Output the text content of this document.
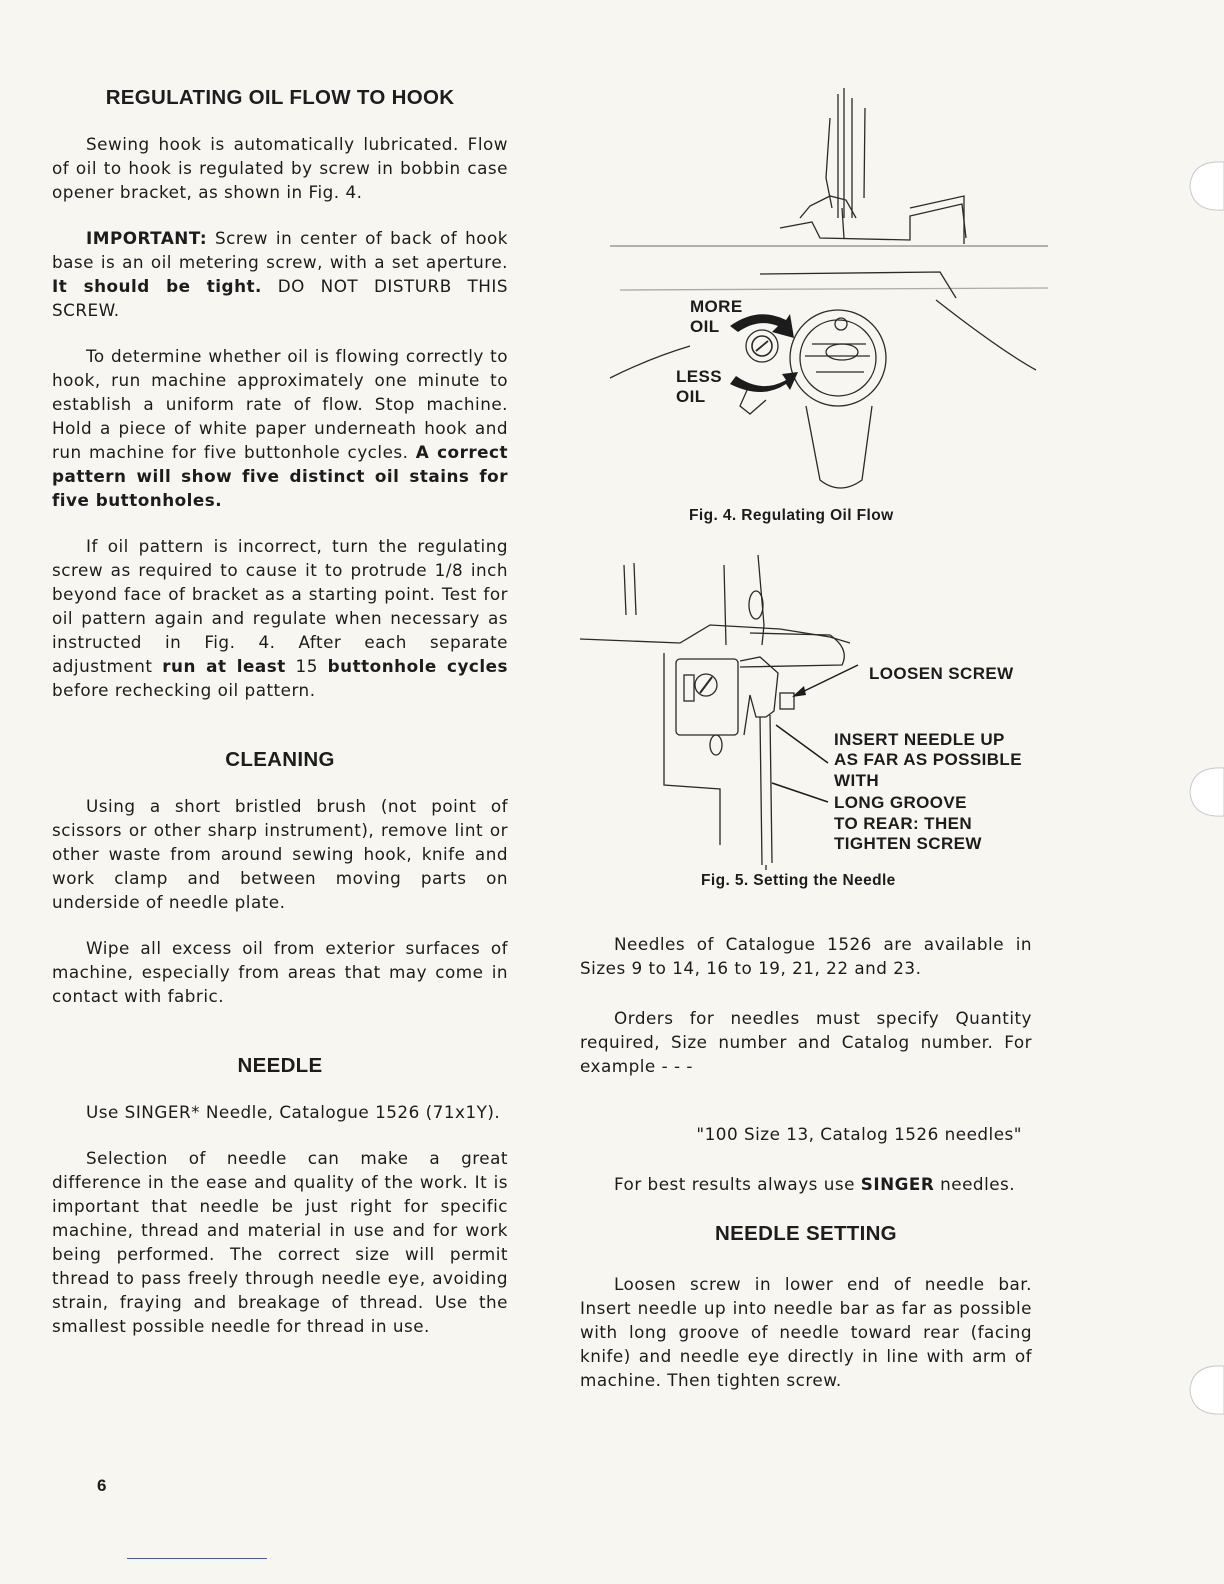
REGULATING OIL FLOW TO HOOK

Sewing hook is automatically lubricated. Flow of oil to hook is regulated by screw in bobbin case opener bracket, as shown in Fig. 4.

IMPORTANT: Screw in center of back of hook base is an oil metering screw, with a set aperture. It should be tight. DO NOT DISTURB THIS SCREW.

To determine whether oil is flowing correctly to hook, run machine approximately one minute to establish a uniform rate of flow. Stop machine. Hold a piece of white paper underneath hook and run machine for five buttonhole cycles. A correct pattern will show five distinct oil stains for five buttonholes.

If oil pattern is incorrect, turn the regulating screw as required to cause it to protrude 1/8 inch beyond face of bracket as a starting point. Test for oil pattern again and regulate when necessary as instructed in Fig. 4. After each separate adjustment run at least 15 buttonhole cycles before rechecking oil pattern.

CLEANING

Using a short bristled brush (not point of scissors or other sharp instrument), remove lint or other waste from around sewing hook, knife and work clamp and between moving parts on underside of needle plate.

Wipe all excess oil from exterior surfaces of machine, especially from areas that may come in contact with fabric.

NEEDLE

Use SINGER* Needle, Catalogue 1526 (71x1Y).

Selection of needle can make a great difference in the ease and quality of the work. It is important that needle be just right for specific machine, thread and material in use and for work being performed. The correct size will permit thread to pass freely through needle eye, avoiding strain, fraying and breakage of thread. Use the smallest possible needle for thread in use.

MORE
OIL
LESS
OIL
Fig. 4. Regulating Oil Flow
LOOSEN SCREW
INSERT NEEDLE UP
AS FAR AS POSSIBLE
WITH
LONG GROOVE
TO REAR: THEN
TIGHTEN SCREW
Fig. 5. Setting the Needle

Needles of Catalogue 1526 are available in Sizes 9 to 14, 16 to 19, 21, 22 and 23.

Orders for needles must specify Quantity required, Size number and Catalog number. For example - - -

"100 Size 13, Catalog 1526 needles"

For best results always use SINGER needles.

NEEDLE SETTING

Loosen screw in lower end of needle bar. Insert needle up into needle bar as far as possible with long groove of needle toward rear (facing knife) and needle eye directly in line with arm of machine. Then tighten screw.

6
